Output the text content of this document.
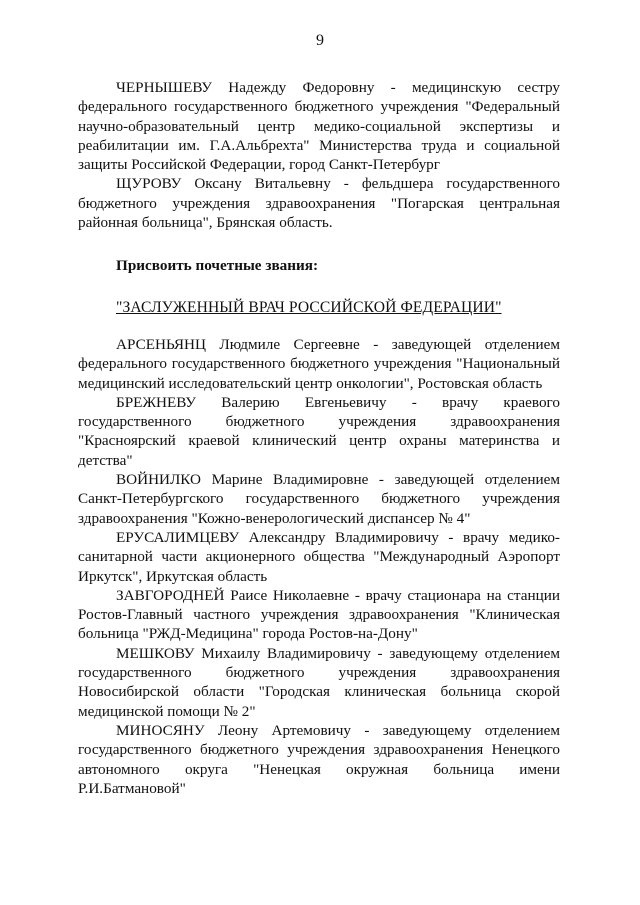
9

ЧЕРНЫШЕВУ Надежду Федоровну - медицинскую сестру федерального государственного бюджетного учреждения "Федеральный научно-образовательный центр медико-социальной экспертизы и реабилитации им. Г.А.Альбрехта" Министерства труда и социальной защиты Российской Федерации, город Санкт-Петербург

ЩУРОВУ Оксану Витальевну - фельдшера государственного бюджетного учреждения здравоохранения "Погарская центральная районная больница", Брянская область.

Присвоить почетные звания:

"ЗАСЛУЖЕННЫЙ ВРАЧ РОССИЙСКОЙ ФЕДЕРАЦИИ"

АРСЕНЬЯНЦ Людмиле Сергеевне - заведующей отделением федерального государственного бюджетного учреждения "Национальный медицинский исследовательский центр онкологии", Ростовская область

БРЕЖНЕВУ Валерию Евгеньевичу - врачу краевого государственного бюджетного учреждения здравоохранения "Красноярский краевой клинический центр охраны материнства и детства"

ВОЙНИЛКО Марине Владимировне - заведующей отделением Санкт-Петербургского государственного бюджетного учреждения здравоохранения "Кожно-венерологический диспансер № 4"

ЕРУСАЛИМЦЕВУ Александру Владимировичу - врачу медико-санитарной части акционерного общества "Международный Аэропорт Иркутск", Иркутская область

ЗАВГОРОДНЕЙ Раисе Николаевне - врачу стационара на станции Ростов-Главный частного учреждения здравоохранения "Клиническая больница "РЖД-Медицина" города Ростов-на-Дону"

МЕШКОВУ Михаилу Владимировичу - заведующему отделением государственного бюджетного учреждения здравоохранения Новосибирской области "Городская клиническая больница скорой медицинской помощи № 2"

МИНОСЯНУ Леону Артемовичу - заведующему отделением государственного бюджетного учреждения здравоохранения Ненецкого автономного округа "Ненецкая окружная больница имени Р.И.Батмановой"
